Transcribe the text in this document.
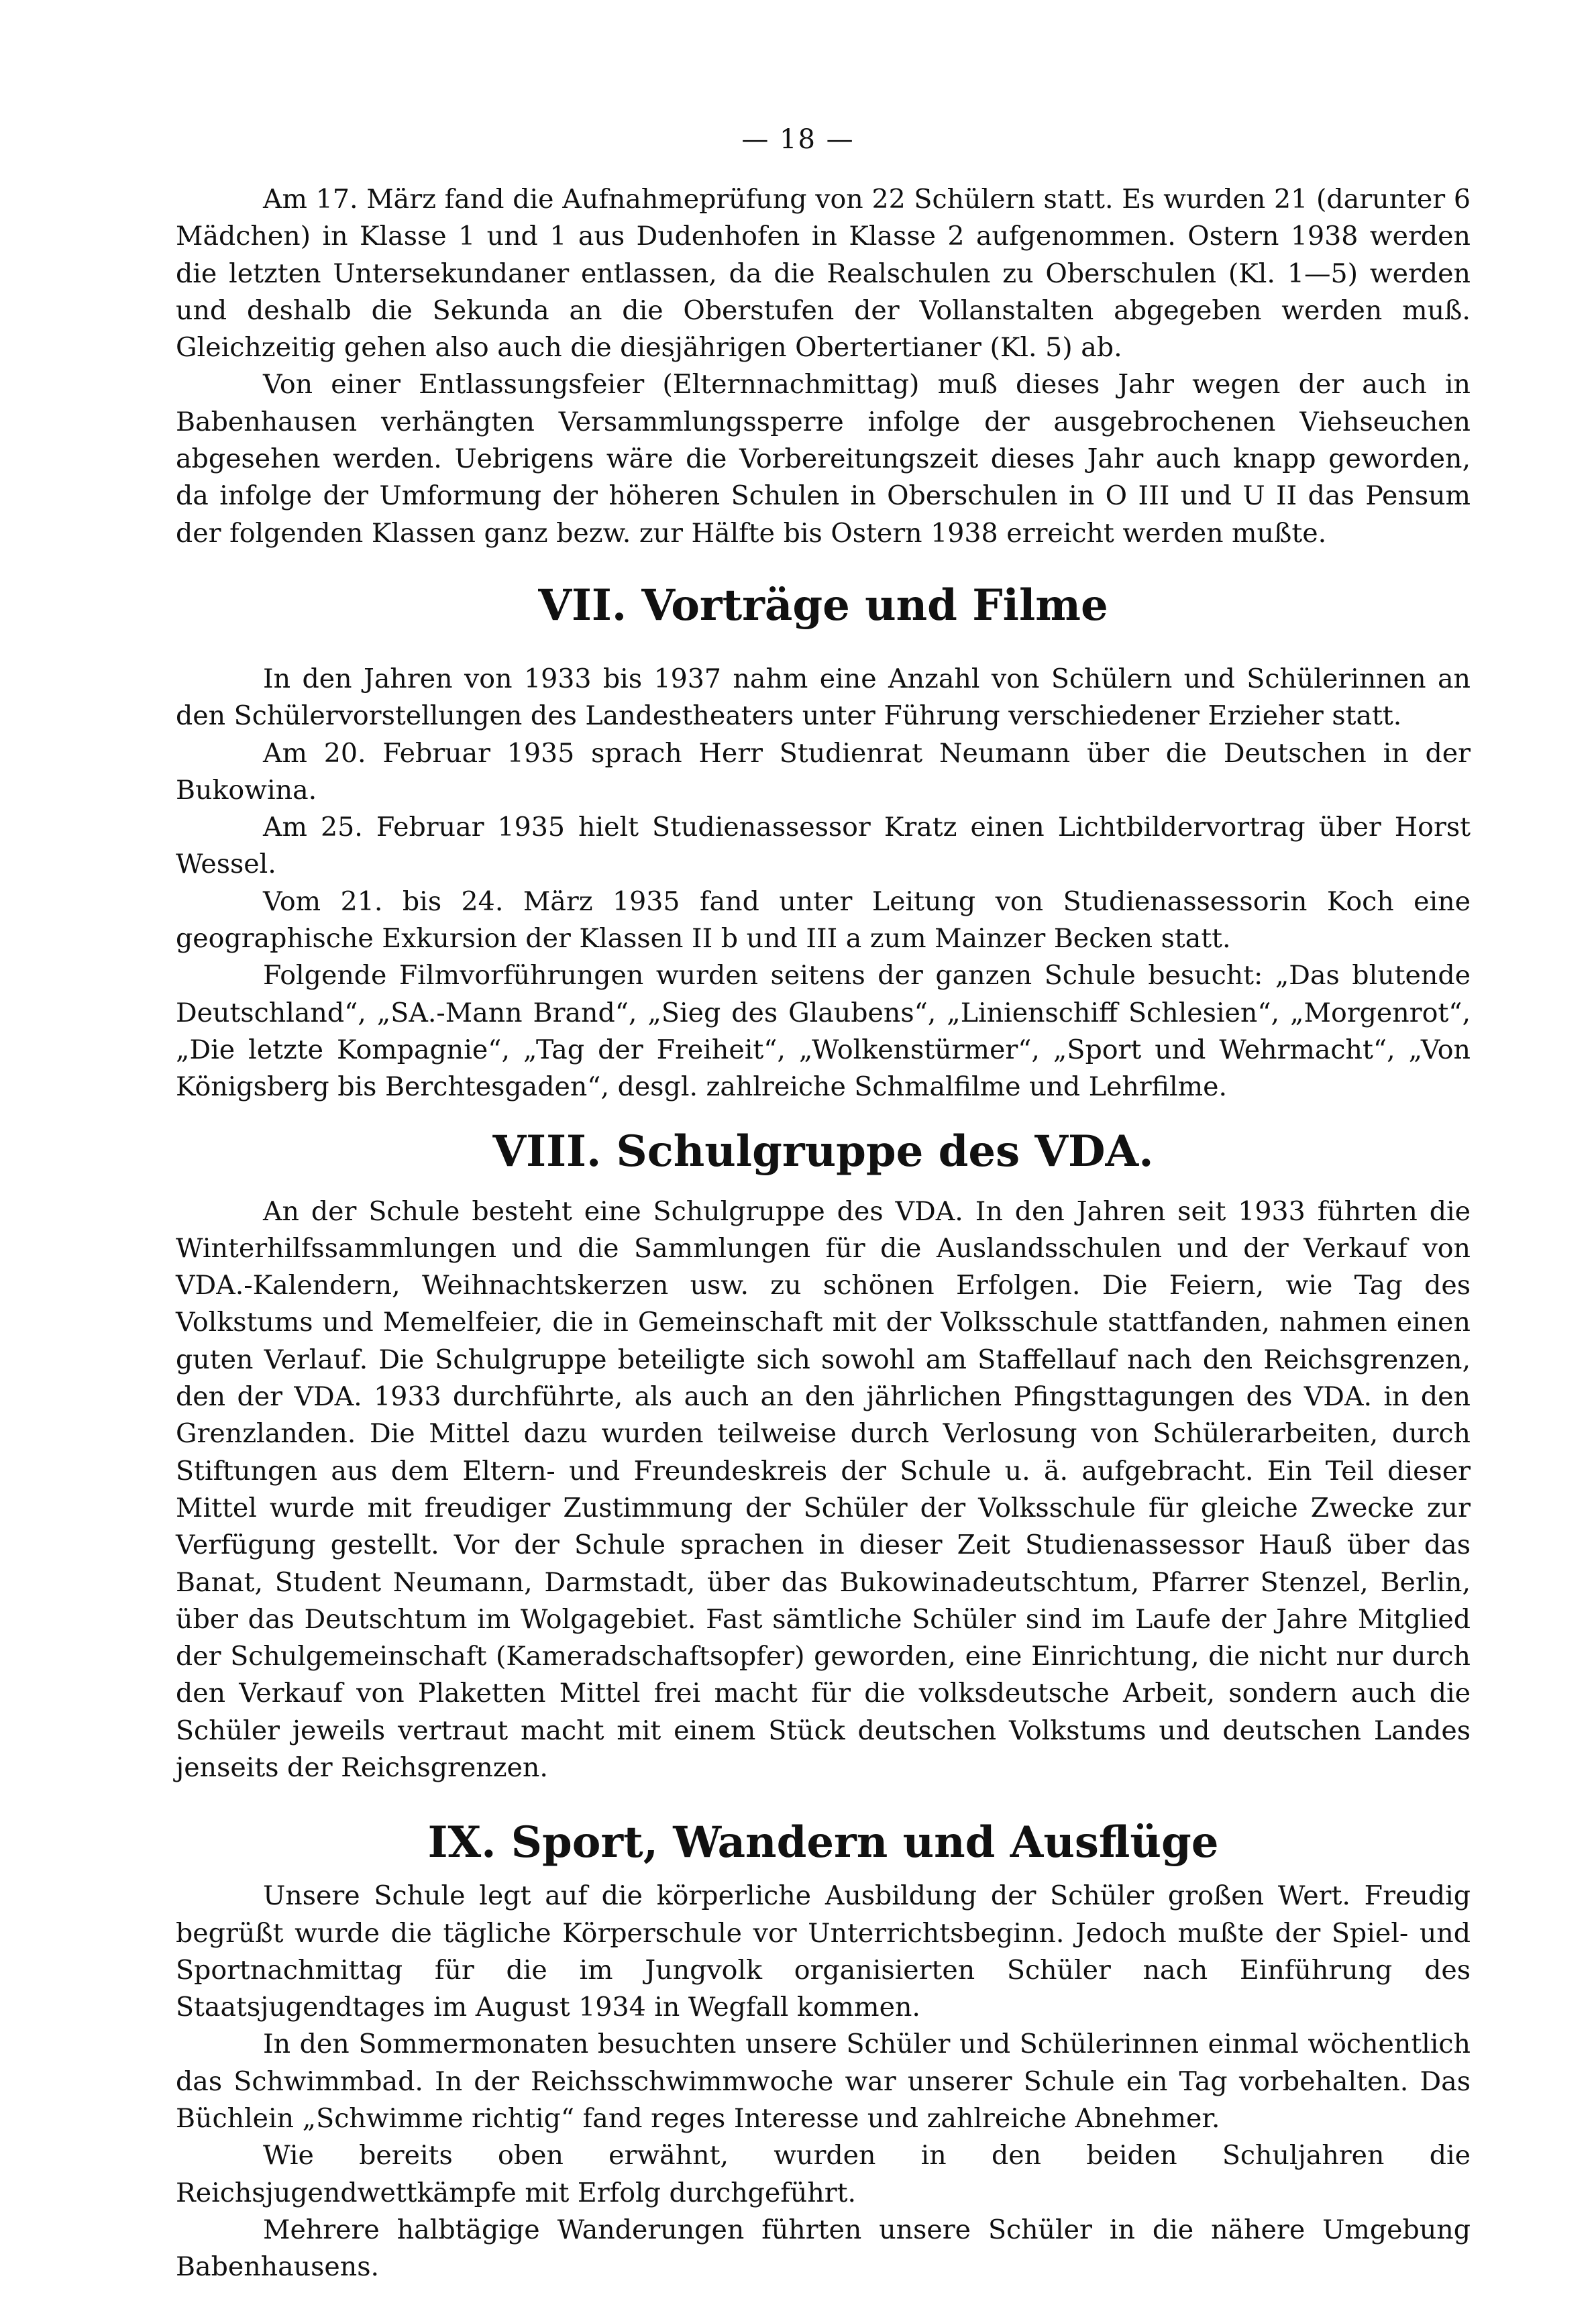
— 18 —

Am 17. März fand die Aufnahmeprüfung von 22 Schülern statt. Es wurden 21 (darunter 6 Mädchen) in Klasse 1 und 1 aus Dudenhofen in Klasse 2 aufgenommen. Ostern 1938 werden die letzten Untersekundaner entlassen, da die Realschulen zu Oberschulen (Kl. 1—5) werden und deshalb die Sekunda an die Oberstufen der Vollanstalten abgegeben werden muß. Gleichzeitig gehen also auch die diesjährigen Obertertianer (Kl. 5) ab.

Von einer Entlassungsfeier (Elternnachmittag) muß dieses Jahr wegen der auch in Babenhausen verhängten Versammlungssperre infolge der ausgebrochenen Viehseuchen abgesehen werden. Uebrigens wäre die Vorbereitungszeit dieses Jahr auch knapp geworden, da infolge der Umformung der höheren Schulen in Oberschulen in O III und U II das Pensum der folgenden Klassen ganz bezw. zur Hälfte bis Ostern 1938 erreicht werden mußte.

VII. Vorträge und Filme

In den Jahren von 1933 bis 1937 nahm eine Anzahl von Schülern und Schülerinnen an den Schülervorstellungen des Landestheaters unter Führung verschiedener Erzieher statt.

Am 20. Februar 1935 sprach Herr Studienrat Neumann über die Deutschen in der Bukowina.

Am 25. Februar 1935 hielt Studienassessor Kratz einen Lichtbildervortrag über Horst Wessel.

Vom 21. bis 24. März 1935 fand unter Leitung von Studienassessorin Koch eine geographische Exkursion der Klassen II b und III a zum Mainzer Becken statt.

Folgende Filmvorführungen wurden seitens der ganzen Schule besucht: „Das blutende Deutschland“, „SA.-Mann Brand“, „Sieg des Glaubens“, „Linienschiff Schlesien“, „Morgenrot“, „Die letzte Kompagnie“, „Tag der Freiheit“, „Wolkenstürmer“, „Sport und Wehrmacht“, „Von Königsberg bis Berchtesgaden“, desgl. zahlreiche Schmalfilme und Lehrfilme.

VIII. Schulgruppe des VDA.

An der Schule besteht eine Schulgruppe des VDA. In den Jahren seit 1933 führten die Winterhilfssammlungen und die Sammlungen für die Auslandsschulen und der Verkauf von VDA.-Kalendern, Weihnachtskerzen usw. zu schönen Erfolgen. Die Feiern, wie Tag des Volkstums und Memelfeier, die in Gemeinschaft mit der Volksschule stattfanden, nahmen einen guten Verlauf. Die Schulgruppe beteiligte sich sowohl am Staffellauf nach den Reichsgrenzen, den der VDA. 1933 durchführte, als auch an den jährlichen Pfingsttagungen des VDA. in den Grenzlanden. Die Mittel dazu wurden teilweise durch Verlosung von Schülerarbeiten, durch Stiftungen aus dem Eltern- und Freundeskreis der Schule u. ä. aufgebracht. Ein Teil dieser Mittel wurde mit freudiger Zustimmung der Schüler der Volksschule für gleiche Zwecke zur Verfügung gestellt. Vor der Schule sprachen in dieser Zeit Studienassessor Hauß über das Banat, Student Neumann, Darmstadt, über das Bukowinadeutschtum, Pfarrer Stenzel, Berlin, über das Deutschtum im Wolgagebiet. Fast sämtliche Schüler sind im Laufe der Jahre Mitglied der Schulgemeinschaft (Kameradschaftsopfer) geworden, eine Einrichtung, die nicht nur durch den Verkauf von Plaketten Mittel frei macht für die volksdeutsche Arbeit, sondern auch die Schüler jeweils vertraut macht mit einem Stück deutschen Volkstums und deutschen Landes jenseits der Reichsgrenzen.

IX. Sport, Wandern und Ausflüge

Unsere Schule legt auf die körperliche Ausbildung der Schüler großen Wert. Freudig begrüßt wurde die tägliche Körperschule vor Unterrichtsbeginn. Jedoch mußte der Spiel- und Sportnachmittag für die im Jungvolk organisierten Schüler nach Einführung des Staatsjugendtages im August 1934 in Wegfall kommen.

In den Sommermonaten besuchten unsere Schüler und Schülerinnen einmal wöchentlich das Schwimmbad. In der Reichsschwimmwoche war unserer Schule ein Tag vorbehalten. Das Büchlein „Schwimme richtig“ fand reges Interesse und zahlreiche Abnehmer.

Wie bereits oben erwähnt, wurden in den beiden Schuljahren die Reichsjugendwettkämpfe mit Erfolg durchgeführt.

Mehrere halbtägige Wanderungen führten unsere Schüler in die nähere Umgebung Babenhausens.
